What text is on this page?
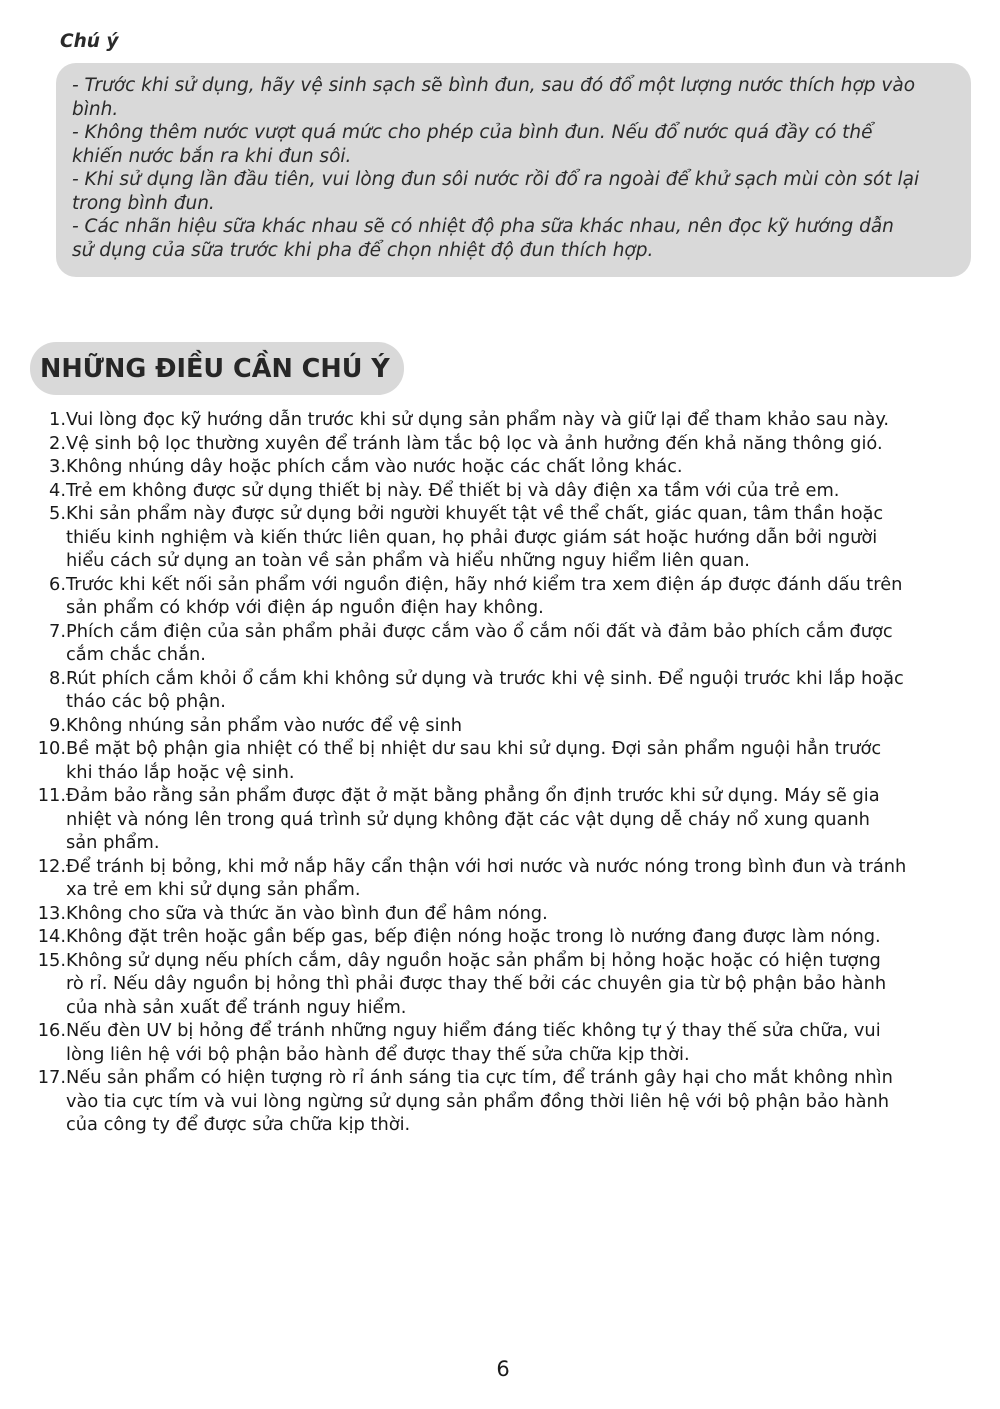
Chú ý

- Trước khi sử dụng, hãy vệ sinh sạch sẽ bình đun, sau đó đổ một lượng nước thích hợp vào

bình.

- Không thêm nước vượt quá mức cho phép của bình đun. Nếu đổ nước quá đầy có thể

khiến nước bắn ra khi đun sôi.

- Khi sử dụng lần đầu tiên, vui lòng đun sôi nước rồi đổ ra ngoài để khử sạch mùi còn sót lại

trong bình đun.

- Các nhãn hiệu sữa khác nhau sẽ có nhiệt độ pha sữa khác nhau, nên đọc kỹ hướng dẫn

sử dụng của sữa trước khi pha để chọn nhiệt độ đun thích hợp.

NHỮNG ĐIỀU CẦN CHÚ Ý
1. Vui lòng đọc kỹ hướng dẫn trước khi sử dụng sản phẩm này và giữ lại để tham khảo sau này.
2. Vệ sinh bộ lọc thường xuyên để tránh làm tắc bộ lọc và ảnh hưởng đến khả năng thông gió.
3. Không nhúng dây hoặc phích cắm vào nước hoặc các chất lỏng khác.
4. Trẻ em không được sử dụng thiết bị này. Để thiết bị và dây điện xa tầm với của trẻ em.
5. Khi sản phẩm này được sử dụng bởi người khuyết tật về thể chất, giác quan, tâm thần hoặc
thiếu kinh nghiệm và kiến thức liên quan, họ phải được giám sát hoặc hướng dẫn bởi người
hiểu cách sử dụng an toàn về sản phẩm và hiểu những nguy hiểm liên quan.
6. Trước khi kết nối sản phẩm với nguồn điện, hãy nhớ kiểm tra xem điện áp được đánh dấu trên
sản phẩm có khớp với điện áp nguồn điện hay không.
7. Phích cắm điện của sản phẩm phải được cắm vào ổ cắm nối đất và đảm bảo phích cắm được
cắm chắc chắn.
8. Rút phích cắm khỏi ổ cắm khi không sử dụng và trước khi vệ sinh. Để nguội trước khi lắp hoặc
tháo các bộ phận.
9. Không nhúng sản phẩm vào nước để vệ sinh
10. Bề mặt bộ phận gia nhiệt có thể bị nhiệt dư sau khi sử dụng. Đợi sản phẩm nguội hẳn trước
khi tháo lắp hoặc vệ sinh.
11. Đảm bảo rằng sản phẩm được đặt ở mặt bằng phẳng ổn định trước khi sử dụng. Máy sẽ gia
nhiệt và nóng lên trong quá trình sử dụng không đặt các vật dụng dễ cháy nổ xung quanh
sản phẩm.
12. Để tránh bị bỏng, khi mở nắp hãy cẩn thận với hơi nước và nước nóng trong bình đun và tránh
xa trẻ em khi sử dụng sản phẩm.
13. Không cho sữa và thức ăn vào bình đun để hâm nóng.
14. Không đặt trên hoặc gần bếp gas, bếp điện nóng hoặc trong lò nướng đang được làm nóng.
15. Không sử dụng nếu phích cắm, dây nguồn hoặc sản phẩm bị hỏng hoặc hoặc có hiện tượng
rò rỉ. Nếu dây nguồn bị hỏng thì phải được thay thế bởi các chuyên gia từ bộ phận bảo hành
của nhà sản xuất để tránh nguy hiểm.
16. Nếu đèn UV bị hỏng để tránh những nguy hiểm đáng tiếc không tự ý thay thế sửa chữa, vui
lòng liên hệ với bộ phận bảo hành để được thay thế sửa chữa kịp thời.
17. Nếu sản phẩm có hiện tượng rò rỉ ánh sáng tia cực tím, để tránh gây hại cho mắt không nhìn
vào tia cực tím và vui lòng ngừng sử dụng sản phẩm đồng thời liên hệ với bộ phận bảo hành
của công ty để được sửa chữa kịp thời.

6
